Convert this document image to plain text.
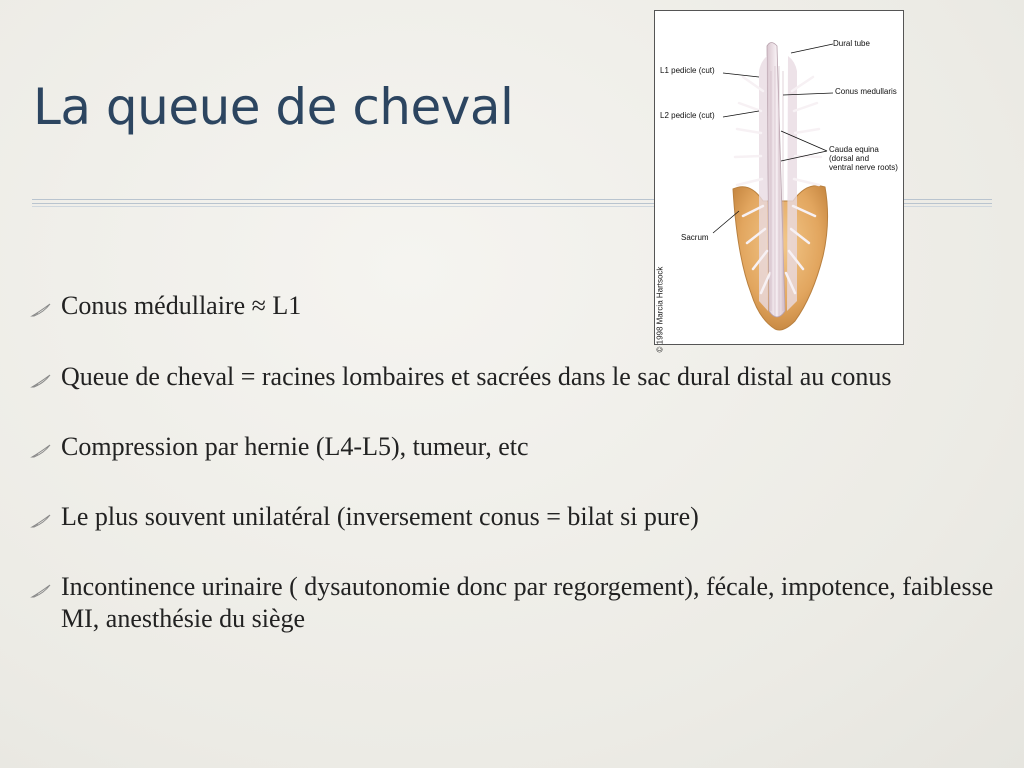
La queue de cheval
Dural tube
L1 pedicle (cut)
Conus medullaris
L2 pedicle (cut)
Cauda equina
(dorsal and
ventral nerve roots)
Sacrum
© 1998 Marcia Hartsock
Conus médullaire ≈ L1
Queue de cheval = racines lombaires et sacrées dans le sac dural distal au conus
Compression par hernie (L4-L5), tumeur, etc
Le plus souvent unilatéral (inversement conus = bilat si pure)
Incontinence urinaire ( dysautonomie donc par regorgement), fécale, impotence, faiblesse MI, anesthésie du siège
